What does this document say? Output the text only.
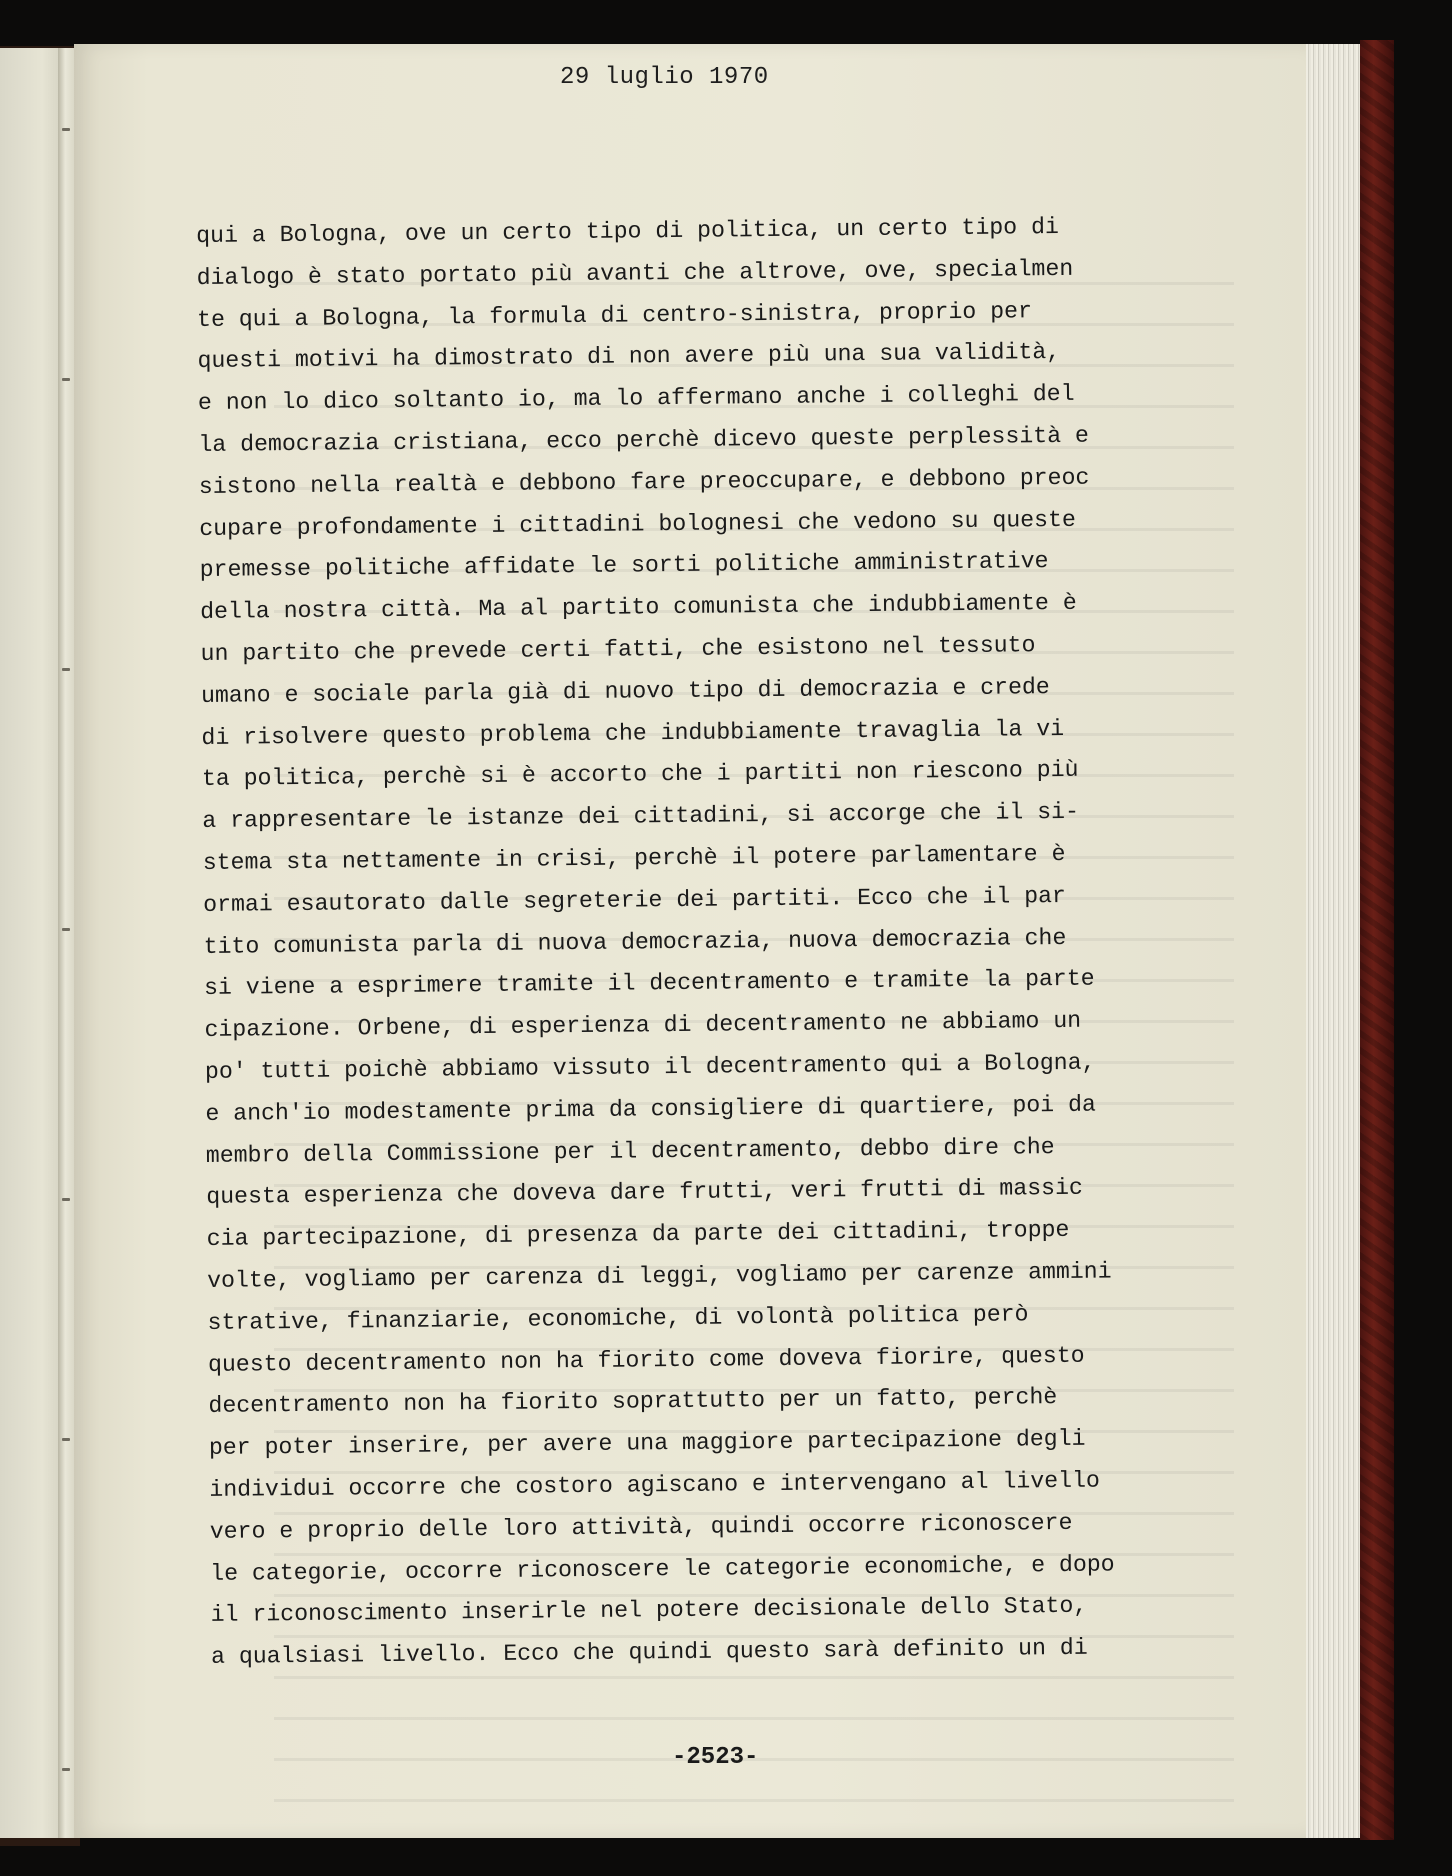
29 luglio 1970
qui a Bologna, ove un certo tipo di politica, un certo tipo di
dialogo è stato portato più avanti che altrove, ove, specialmen
te qui a Bologna, la formula di centro-sinistra, proprio per
questi motivi ha dimostrato di non avere più una sua validità,
e non lo dico soltanto io, ma lo affermano anche i colleghi del
la democrazia cristiana, ecco perchè dicevo queste perplessità e
sistono nella realtà e debbono fare preoccupare, e debbono preoc
cupare profondamente i cittadini bolognesi che vedono su queste
premesse politiche affidate le sorti politiche amministrative
della nostra città. Ma al partito comunista che indubbiamente è
un partito che prevede certi fatti, che esistono nel tessuto
umano e sociale parla già di nuovo tipo di democrazia e crede
di risolvere questo problema che indubbiamente travaglia la vi
ta politica, perchè si è accorto che i partiti non riescono più
a rappresentare le istanze dei cittadini, si accorge che il si-
stema sta nettamente in crisi, perchè il potere parlamentare è
ormai esautorato dalle segreterie dei partiti. Ecco che il par
tito comunista parla di nuova democrazia, nuova democrazia che
si viene a esprimere tramite il decentramento e tramite la parte
cipazione. Orbene, di esperienza di decentramento ne abbiamo un
po' tutti poichè abbiamo vissuto il decentramento qui a Bologna,
e anch'io modestamente prima da consigliere di quartiere, poi da
membro della Commissione per il decentramento, debbo dire che
questa esperienza che doveva dare frutti, veri frutti di massic
cia partecipazione, di presenza da parte dei cittadini, troppe
volte, vogliamo per carenza di leggi, vogliamo per carenze ammini
strative, finanziarie, economiche, di volontà politica però
questo decentramento non ha fiorito come doveva fiorire, questo
decentramento non ha fiorito soprattutto per un fatto, perchè
per poter inserire, per avere una maggiore partecipazione degli
individui occorre che costoro agiscano e intervengano al livello
vero e proprio delle loro attività, quindi occorre riconoscere
le categorie, occorre riconoscere le categorie economiche, e dopo
il riconoscimento inserirle nel potere decisionale dello Stato,
a qualsiasi livello. Ecco che quindi questo sarà definito un di
-2523-
